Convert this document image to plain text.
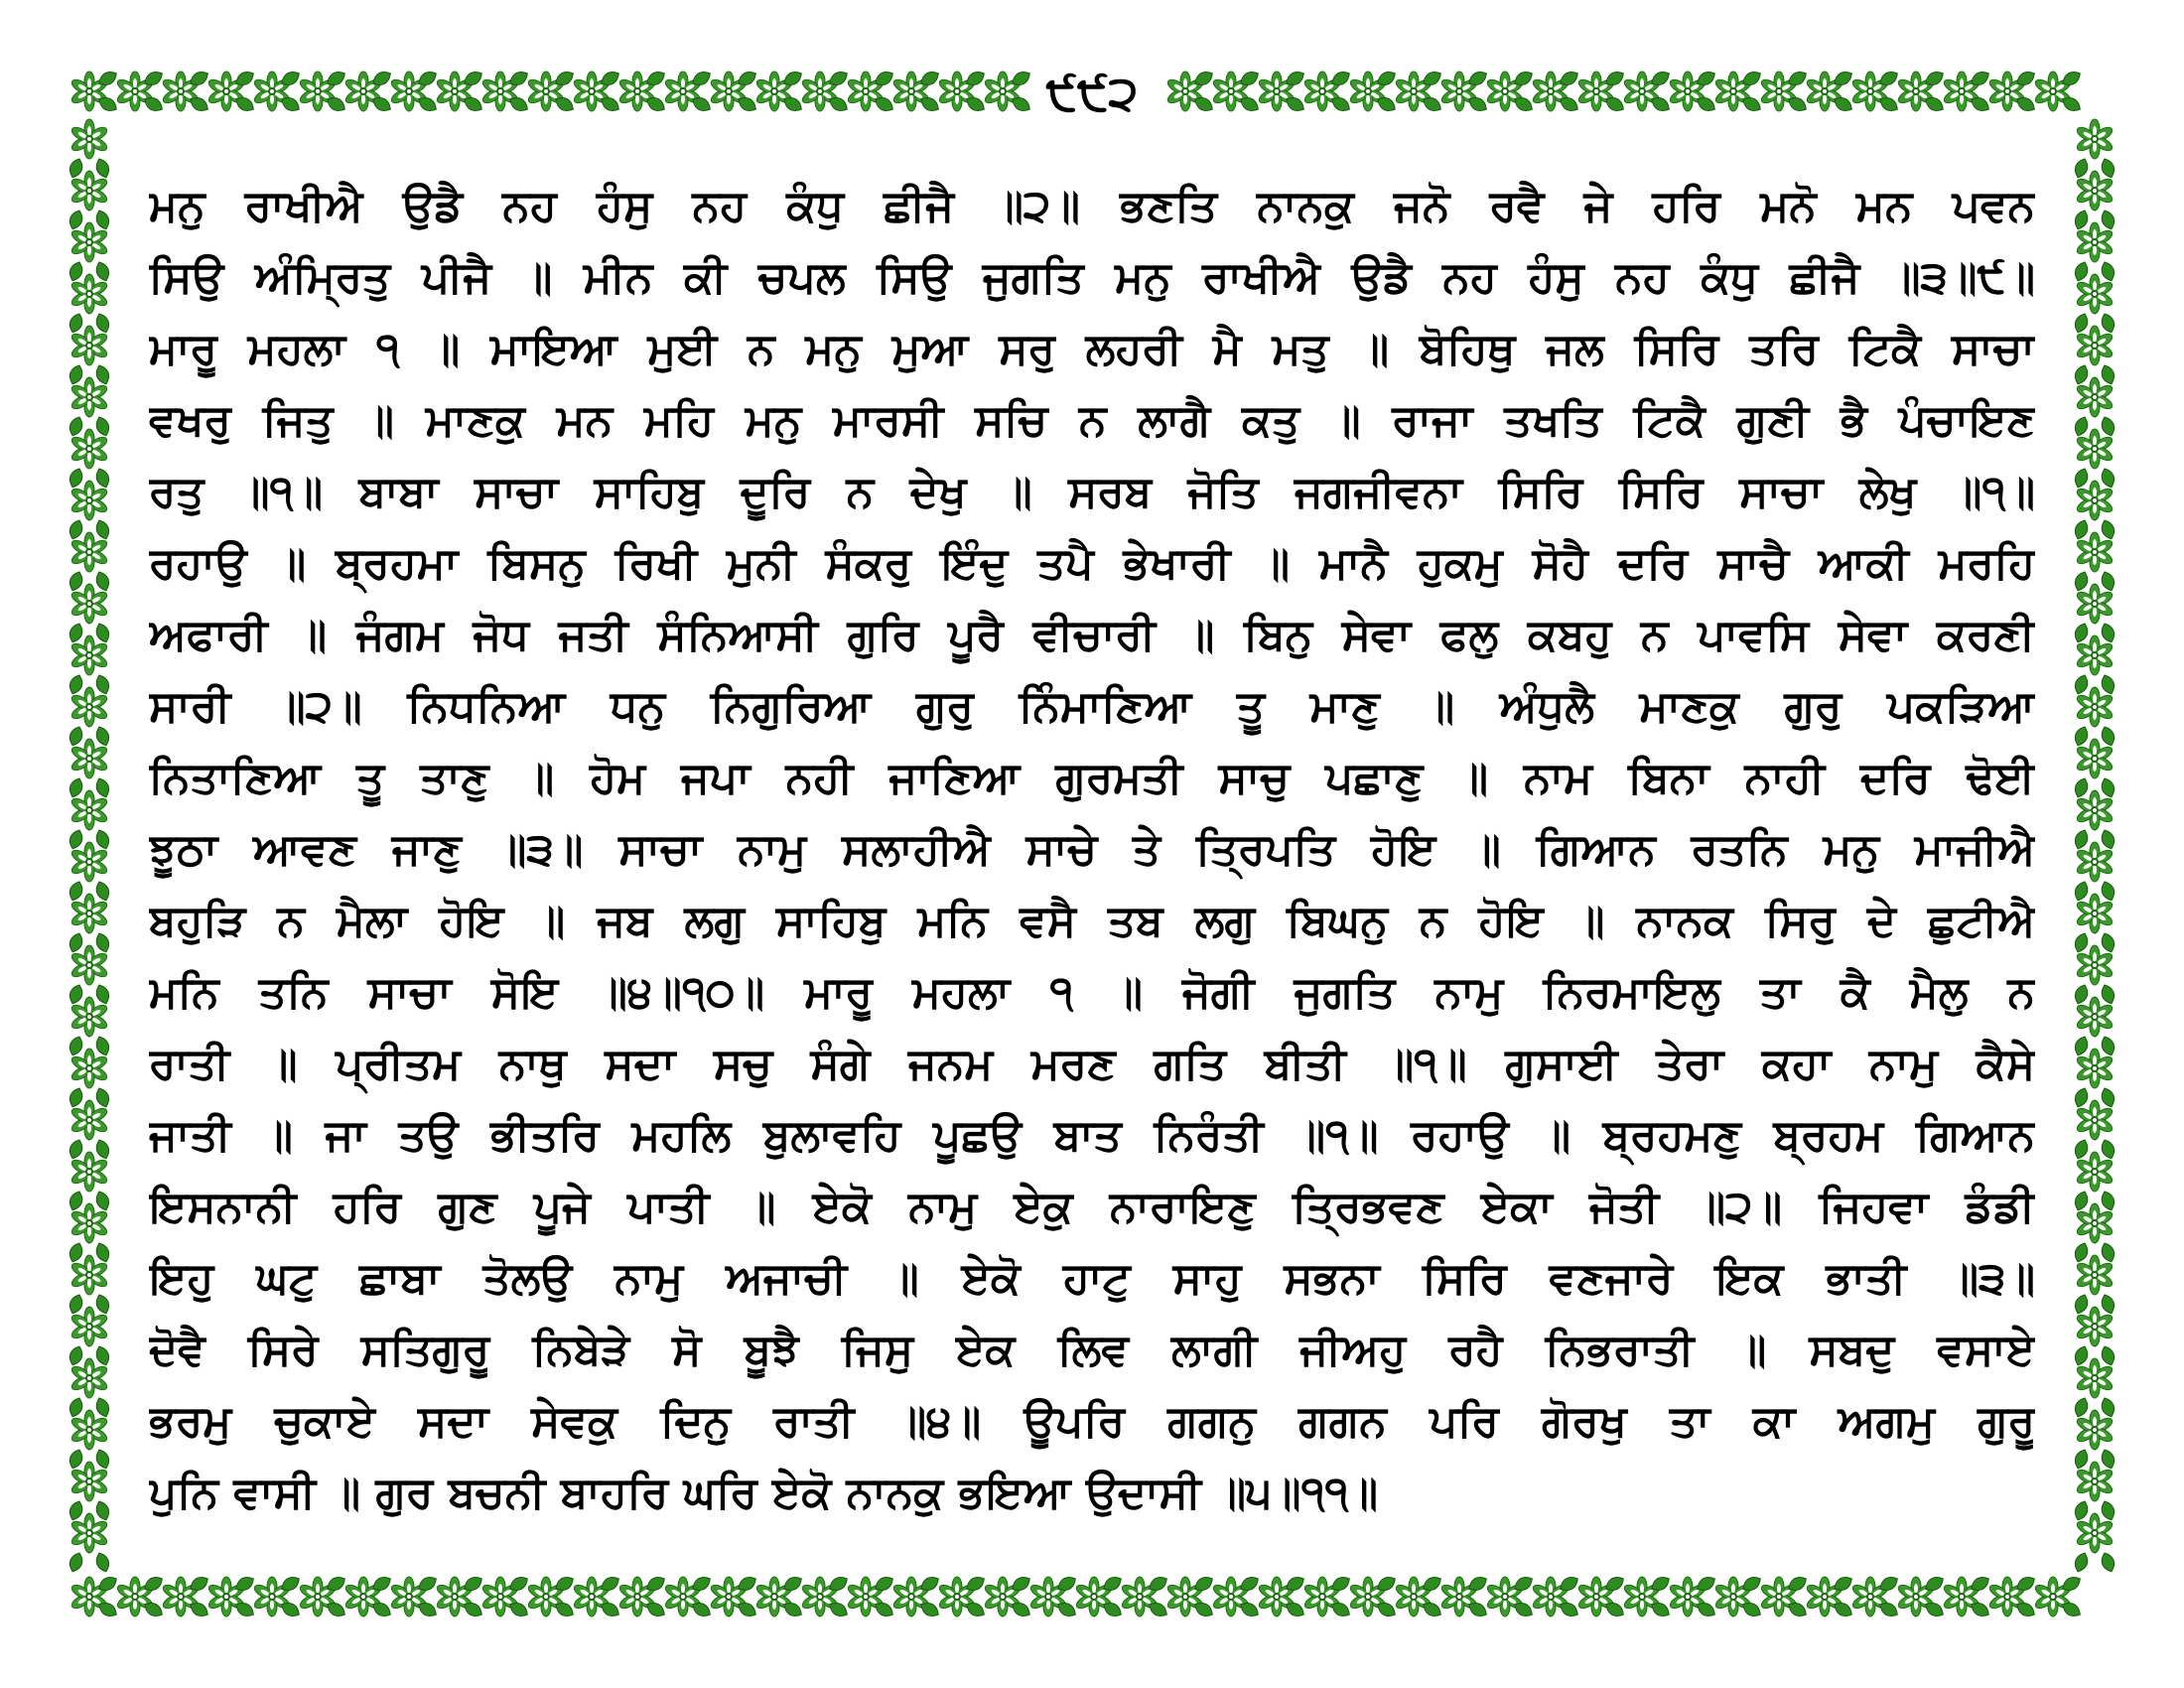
੯੯੨
ਮਨੁ ਰਾਖੀਐ ਉਡੈ ਨਹ ਹੰਸੁ ਨਹ ਕੰਧੁ ਛੀਜੈ ॥੨॥ ਭਣਤਿ ਨਾਨਕੁ ਜਨੋ ਰਵੈ ਜੇ ਹਰਿ ਮਨੋ ਮਨ ਪਵਨ
ਸਿਉ ਅੰਮ੍ਰਿਤੁ ਪੀਜੈ ॥ ਮੀਨ ਕੀ ਚਪਲ ਸਿਉ ਜੁਗਤਿ ਮਨੁ ਰਾਖੀਐ ਉਡੈ ਨਹ ਹੰਸੁ ਨਹ ਕੰਧੁ ਛੀਜੈ ॥੩॥੯॥
ਮਾਰੂ ਮਹਲਾ ੧ ॥ ਮਾਇਆ ਮੁਈ ਨ ਮਨੁ ਮੁਆ ਸਰੁ ਲਹਰੀ ਮੈ ਮਤੁ ॥ ਬੋਹਿਥੁ ਜਲ ਸਿਰਿ ਤਰਿ ਟਿਕੈ ਸਾਚਾ
ਵਖਰੁ ਜਿਤੁ ॥ ਮਾਣਕੁ ਮਨ ਮਹਿ ਮਨੁ ਮਾਰਸੀ ਸਚਿ ਨ ਲਾਗੈ ਕਤੁ ॥ ਰਾਜਾ ਤਖਤਿ ਟਿਕੈ ਗੁਣੀ ਭੈ ਪੰਚਾਇਣ
ਰਤੁ ॥੧॥ ਬਾਬਾ ਸਾਚਾ ਸਾਹਿਬੁ ਦੂਰਿ ਨ ਦੇਖੁ ॥ ਸਰਬ ਜੋਤਿ ਜਗਜੀਵਨਾ ਸਿਰਿ ਸਿਰਿ ਸਾਚਾ ਲੇਖੁ ॥੧॥
ਰਹਾਉ ॥ ਬ੍ਰਹਮਾ ਬਿਸਨੁ ਰਿਖੀ ਮੁਨੀ ਸੰਕਰੁ ਇੰਦੁ ਤਪੈ ਭੇਖਾਰੀ ॥ ਮਾਨੈ ਹੁਕਮੁ ਸੋਹੈ ਦਰਿ ਸਾਚੈ ਆਕੀ ਮਰਹਿ
ਅਫਾਰੀ ॥ ਜੰਗਮ ਜੋਧ ਜਤੀ ਸੰਨਿਆਸੀ ਗੁਰਿ ਪੂਰੈ ਵੀਚਾਰੀ ॥ ਬਿਨੁ ਸੇਵਾ ਫਲੁ ਕਬਹੁ ਨ ਪਾਵਸਿ ਸੇਵਾ ਕਰਣੀ
ਸਾਰੀ ॥੨॥ ਨਿਧਨਿਆ ਧਨੁ ਨਿਗੁਰਿਆ ਗੁਰੁ ਨਿੰਮਾਣਿਆ ਤੂ ਮਾਣੁ ॥ ਅੰਧੁਲੈ ਮਾਣਕੁ ਗੁਰੁ ਪਕੜਿਆ
ਨਿਤਾਣਿਆ ਤੂ ਤਾਣੁ ॥ ਹੋਮ ਜਪਾ ਨਹੀ ਜਾਣਿਆ ਗੁਰਮਤੀ ਸਾਚੁ ਪਛਾਣੁ ॥ ਨਾਮ ਬਿਨਾ ਨਾਹੀ ਦਰਿ ਢੋਈ
ਝੂਠਾ ਆਵਣ ਜਾਣੁ ॥੩॥ ਸਾਚਾ ਨਾਮੁ ਸਲਾਹੀਐ ਸਾਚੇ ਤੇ ਤ੍ਰਿਪਤਿ ਹੋਇ ॥ ਗਿਆਨ ਰਤਨਿ ਮਨੁ ਮਾਜੀਐ
ਬਹੁੜਿ ਨ ਮੈਲਾ ਹੋਇ ॥ ਜਬ ਲਗੁ ਸਾਹਿਬੁ ਮਨਿ ਵਸੈ ਤਬ ਲਗੁ ਬਿਘਨੁ ਨ ਹੋਇ ॥ ਨਾਨਕ ਸਿਰੁ ਦੇ ਛੁਟੀਐ
ਮਨਿ ਤਨਿ ਸਾਚਾ ਸੋਇ ॥੪॥੧੦॥ ਮਾਰੂ ਮਹਲਾ ੧ ॥ ਜੋਗੀ ਜੁਗਤਿ ਨਾਮੁ ਨਿਰਮਾਇਲੁ ਤਾ ਕੈ ਮੈਲੁ ਨ
ਰਾਤੀ ॥ ਪ੍ਰੀਤਮ ਨਾਥੁ ਸਦਾ ਸਚੁ ਸੰਗੇ ਜਨਮ ਮਰਣ ਗਤਿ ਬੀਤੀ ॥੧॥ ਗੁਸਾਈ ਤੇਰਾ ਕਹਾ ਨਾਮੁ ਕੈਸੇ
ਜਾਤੀ ॥ ਜਾ ਤਉ ਭੀਤਰਿ ਮਹਲਿ ਬੁਲਾਵਹਿ ਪੂਛਉ ਬਾਤ ਨਿਰੰਤੀ ॥੧॥ ਰਹਾਉ ॥ ਬ੍ਰਹਮਣੁ ਬ੍ਰਹਮ ਗਿਆਨ
ਇਸਨਾਨੀ ਹਰਿ ਗੁਣ ਪੂਜੇ ਪਾਤੀ ॥ ਏਕੋ ਨਾਮੁ ਏਕੁ ਨਾਰਾਇਣੁ ਤ੍ਰਿਭਵਣ ਏਕਾ ਜੋਤੀ ॥੨॥ ਜਿਹਵਾ ਡੰਡੀ
ਇਹੁ ਘਟੁ ਛਾਬਾ ਤੋਲਉ ਨਾਮੁ ਅਜਾਚੀ ॥ ਏਕੋ ਹਾਟੁ ਸਾਹੁ ਸਭਨਾ ਸਿਰਿ ਵਣਜਾਰੇ ਇਕ ਭਾਤੀ ॥੩॥
ਦੋਵੈ ਸਿਰੇ ਸਤਿਗੁਰੂ ਨਿਬੇੜੇ ਸੋ ਬੂਝੈ ਜਿਸੁ ਏਕ ਲਿਵ ਲਾਗੀ ਜੀਅਹੁ ਰਹੈ ਨਿਭਰਾਤੀ ॥ ਸਬਦੁ ਵਸਾਏ
ਭਰਮੁ ਚੁਕਾਏ ਸਦਾ ਸੇਵਕੁ ਦਿਨੁ ਰਾਤੀ ॥੪॥ ਊਪਰਿ ਗਗਨੁ ਗਗਨ ਪਰਿ ਗੋਰਖੁ ਤਾ ਕਾ ਅਗਮੁ ਗੁਰੂ
ਪੁਨਿ ਵਾਸੀ ॥ ਗੁਰ ਬਚਨੀ ਬਾਹਰਿ ਘਰਿ ਏਕੋ ਨਾਨਕੁ ਭਇਆ ਉਦਾਸੀ ॥੫॥੧੧॥
